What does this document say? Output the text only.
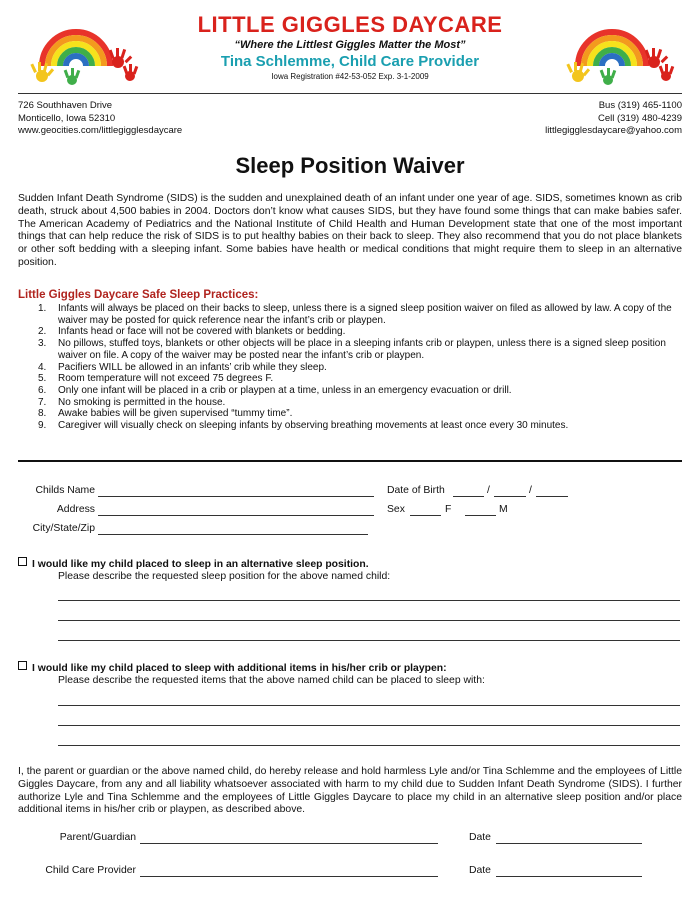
LITTLE GIGGLES DAYCARE
“Where the Littlest Giggles Matter the Most”
Tina Schlemme, Child Care Provider
Iowa Registration #42-53-052 Exp. 3-1-2009
726 Southhaven Drive
Monticello, Iowa 52310
www.geocities.com/littlegigglesdaycare
Bus (319) 465-1100
Cell (319) 480-4239
littlegigglesdaycare@yahoo.com
Sleep Position Waiver
Sudden Infant Death Syndrome (SIDS) is the sudden and unexplained death of an infant under one year of age. SIDS, sometimes known as crib death, struck about 4,500 babies in 2004. Doctors don’t know what causes SIDS, but they have found some things that can make babies safer. The American Academy of Pediatrics and the National Institute of Child Health and Human Development state that one of the most important things that can help reduce the risk of SIDS is to put healthy babies on their back to sleep. They also recommend that you do not place blankets or other soft bedding with a sleeping infant. Some babies have health or medical conditions that might require them to sleep in an alternative position.
Little Giggles Daycare Safe Sleep Practices:
1.	Infants will always be placed on their backs to sleep, unless there is a signed sleep position waiver on filed as allowed by law. A copy of the waiver may be posted for quick reference near the infant’s crib or playpen.
2.	Infants head or face will not be covered with blankets or bedding.
3.	No pillows, stuffed toys, blankets or other objects will be place in a sleeping infants crib or playpen, unless there is a signed sleep position waiver on file. A copy of the waiver may be posted near the infant’s crib or playpen.
4.	Pacifiers WILL be allowed in an infants’ crib while they sleep.
5.	Room temperature will not exceed 75 degrees F.
6.	Only one infant will be placed in a crib or playpen at a time, unless in an emergency evacuation or drill.
7.	No smoking is permitted in the house.
8.	Awake babies will be given supervised “tummy time”.
9.	Caregiver will visually check on sleeping infants by observing breathing movements at least once every 30 minutes.
Childs Name
Address
City/State/Zip
Date of Birth	/	/
Sex	F	M
I would like my child placed to sleep in an alternative sleep position.
Please describe the requested sleep position for the above named child:
I would like my child placed to sleep with additional items in his/her crib or playpen:
Please describe the requested items that the above named child can be placed to sleep with:
I, the parent or guardian or the above named child, do hereby release and hold harmless Lyle and/or Tina Schlemme and the employees of Little Giggles Daycare, from any and all liability whatsoever associated with harm to my child due to Sudden Infant Death Syndrome (SIDS). I further authorize Lyle and Tina Schlemme and the employees of Little Giggles Daycare to place my child in an alternative sleep position and/or place additional items in his/her crib or playpen, as described above.
Parent/Guardian	Date
Child Care Provider	Date
